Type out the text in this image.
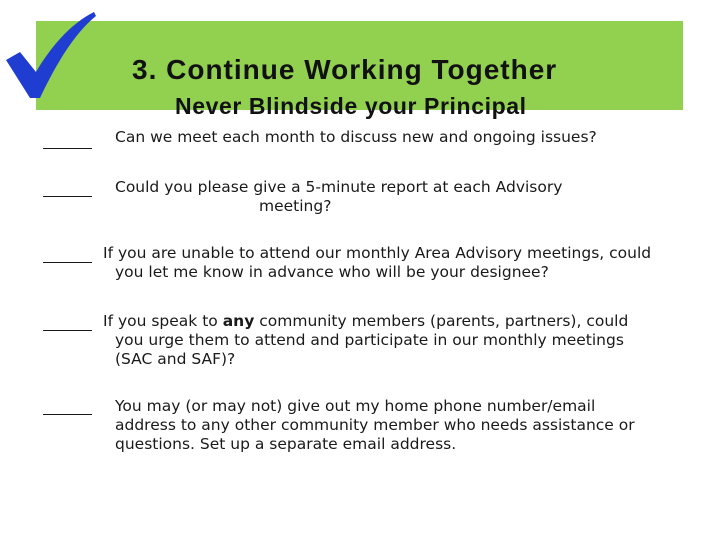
3. Continue Working Together
Never Blindside your Principal
Can we meet each month to discuss new and ongoing issues?
Could you please give a 5-minute report at each Advisory
meeting?
If you are unable to attend our monthly Area Advisory meetings, could
you let me know in advance who will be your designee?
If you speak to any community members (parents, partners), could
you urge them to attend and participate in our monthly meetings
(SAC and SAF)?
You may (or may not) give out my home phone number/email
address to any other community member who needs assistance or
questions. Set up a separate email address.
